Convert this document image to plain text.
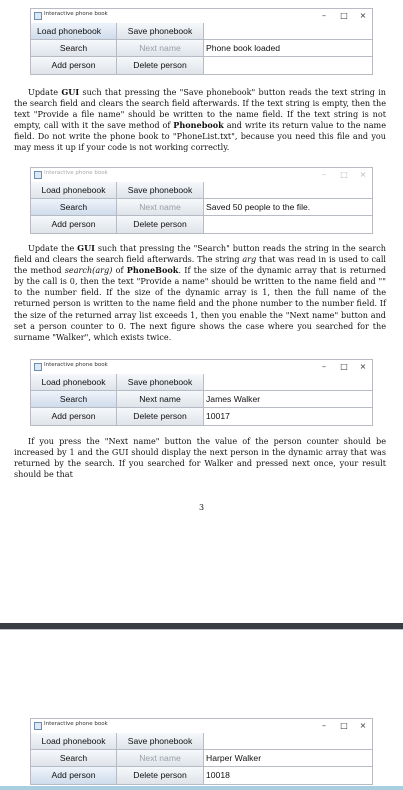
Interactive phone book	–	□	×
Load phonebook	Save phonebook
Search	Next name	Phone book loaded
Add person	Delete person

Update GUI such that pressing the "Save phonebook" button reads the text string in the search field and clears the search field afterwards. If the text string is empty, then the text "Provide a file name" should be written to the name field. If the text string is not empty, call with it the save method of Phonebook and write its return value to the name field. Do not write the phone book to "PhoneList.txt", because you need this file and you may mess it up if your code is not working correctly.

Interactive phone book	–	□	×
Load phonebook	Save phonebook
Search	Next name	Saved 50 people to the file.
Add person	Delete person

Update the GUI such that pressing the "Search" button reads the string in the search field and clears the search field afterwards. The string arg that was read in is used to call the method search(arg) of PhoneBook. If the size of the dynamic array that is returned by the call is 0, then the text "Provide a name" should be written to the name field and "" to the number field. If the size of the dynamic array is 1, then the full name of the returned person is written to the name field and the phone number to the number field. If the size of the returned array list exceeds 1, then you enable the "Next name" button and set a person counter to 0. The next figure shows the case where you searched for the surname "Walker", which exists twice.

Interactive phone book	–	□	×
Load phonebook	Save phonebook
Search	Next name	James Walker
Add person	Delete person	10017

If you press the "Next name" button the value of the person counter should be increased by 1 and the GUI should display the next person in the dynamic array that was returned by the search. If you searched for Walker and pressed next once, your result should be that

3
Interactive phone book	–	□	×
Load phonebook	Save phonebook
Search	Next name	Harper Walker
Add person	Delete person	10018
